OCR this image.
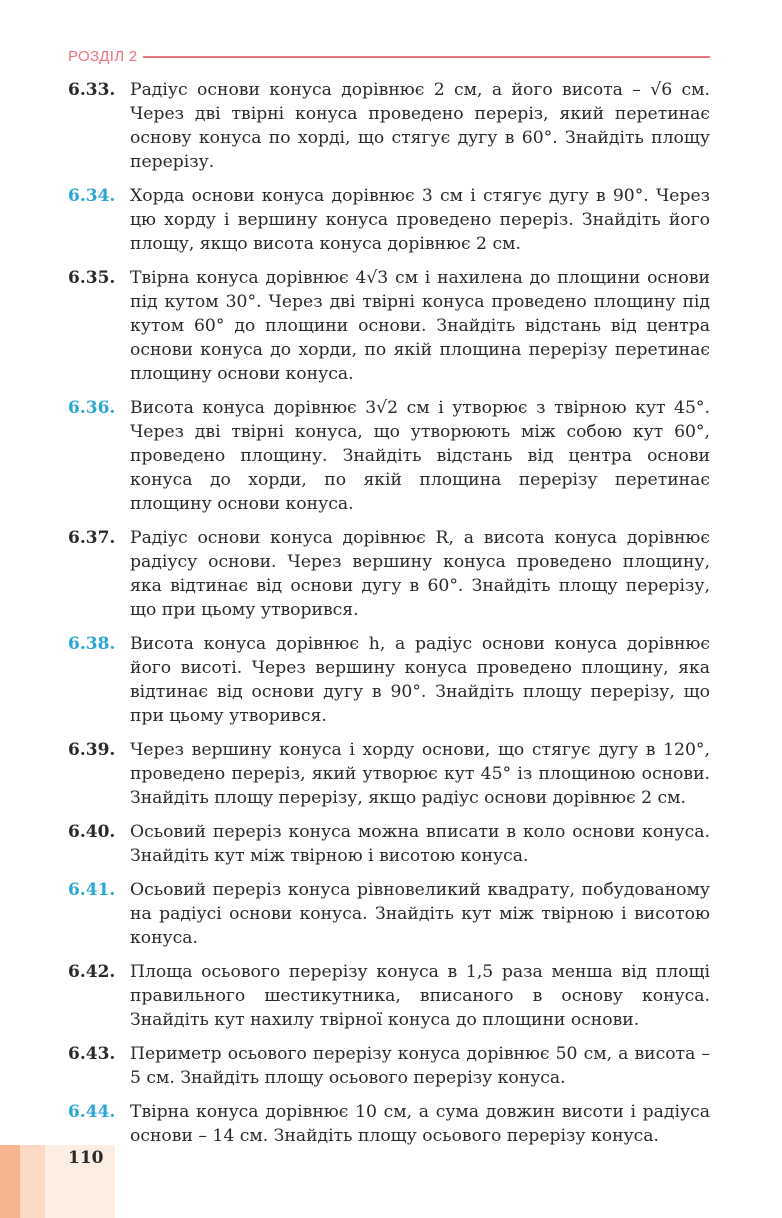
РОЗДІЛ 2
6.33. Радіус основи конуса дорівнює 2 см, а його висота – √6 см. Через дві твірні конуса проведено переріз, який перетинає основу конуса по хорді, що стягує дугу в 60°. Знайдіть площу перерізу.
6.34. Хорда основи конуса дорівнює 3 см і стягує дугу в 90°. Через цю хорду і вершину конуса проведено переріз. Знайдіть його площу, якщо висота конуса дорівнює 2 см.
6.35. Твірна конуса дорівнює 4√3 см і нахилена до площини основи під кутом 30°. Через дві твірні конуса проведено площину під кутом 60° до площини основи. Знайдіть відстань від центра основи конуса до хорди, по якій площина перерізу перетинає площину основи конуса.
6.36. Висота конуса дорівнює 3√2 см і утворює з твірною кут 45°. Через дві твірні конуса, що утворюють між собою кут 60°, проведено площину. Знайдіть відстань від центра основи конуса до хорди, по якій площина перерізу перетинає площину основи конуса.
6.37. Радіус основи конуса дорівнює R, а висота конуса дорівнює радіусу основи. Через вершину конуса проведено площину, яка відтинає від основи дугу в 60°. Знайдіть площу перерізу, що при цьому утворився.
6.38. Висота конуса дорівнює h, а радіус основи конуса дорівнює його висоті. Через вершину конуса проведено площину, яка відтинає від основи дугу в 90°. Знайдіть площу перерізу, що при цьому утворився.
6.39. Через вершину конуса і хорду основи, що стягує дугу в 120°, проведено переріз, який утворює кут 45° із площиною основи. Знайдіть площу перерізу, якщо радіус основи дорівнює 2 см.
6.40. Осьовий переріз конуса можна вписати в коло основи конуса. Знайдіть кут між твірною і висотою конуса.
6.41. Осьовий переріз конуса рівновеликий квадрату, побудованому на радіусі основи конуса. Знайдіть кут між твірною і висотою конуса.
6.42. Площа осьового перерізу конуса в 1,5 раза менша від площі правильного шестикутника, вписаного в основу конуса. Знайдіть кут нахилу твірної конуса до площини основи.
6.43. Периметр осьового перерізу конуса дорівнює 50 см, а висота – 5 см. Знайдіть площу осьового перерізу конуса.
6.44. Твірна конуса дорівнює 10 см, а сума довжин висоти і радіуса основи – 14 см. Знайдіть площу осьового перерізу конуса.
110
